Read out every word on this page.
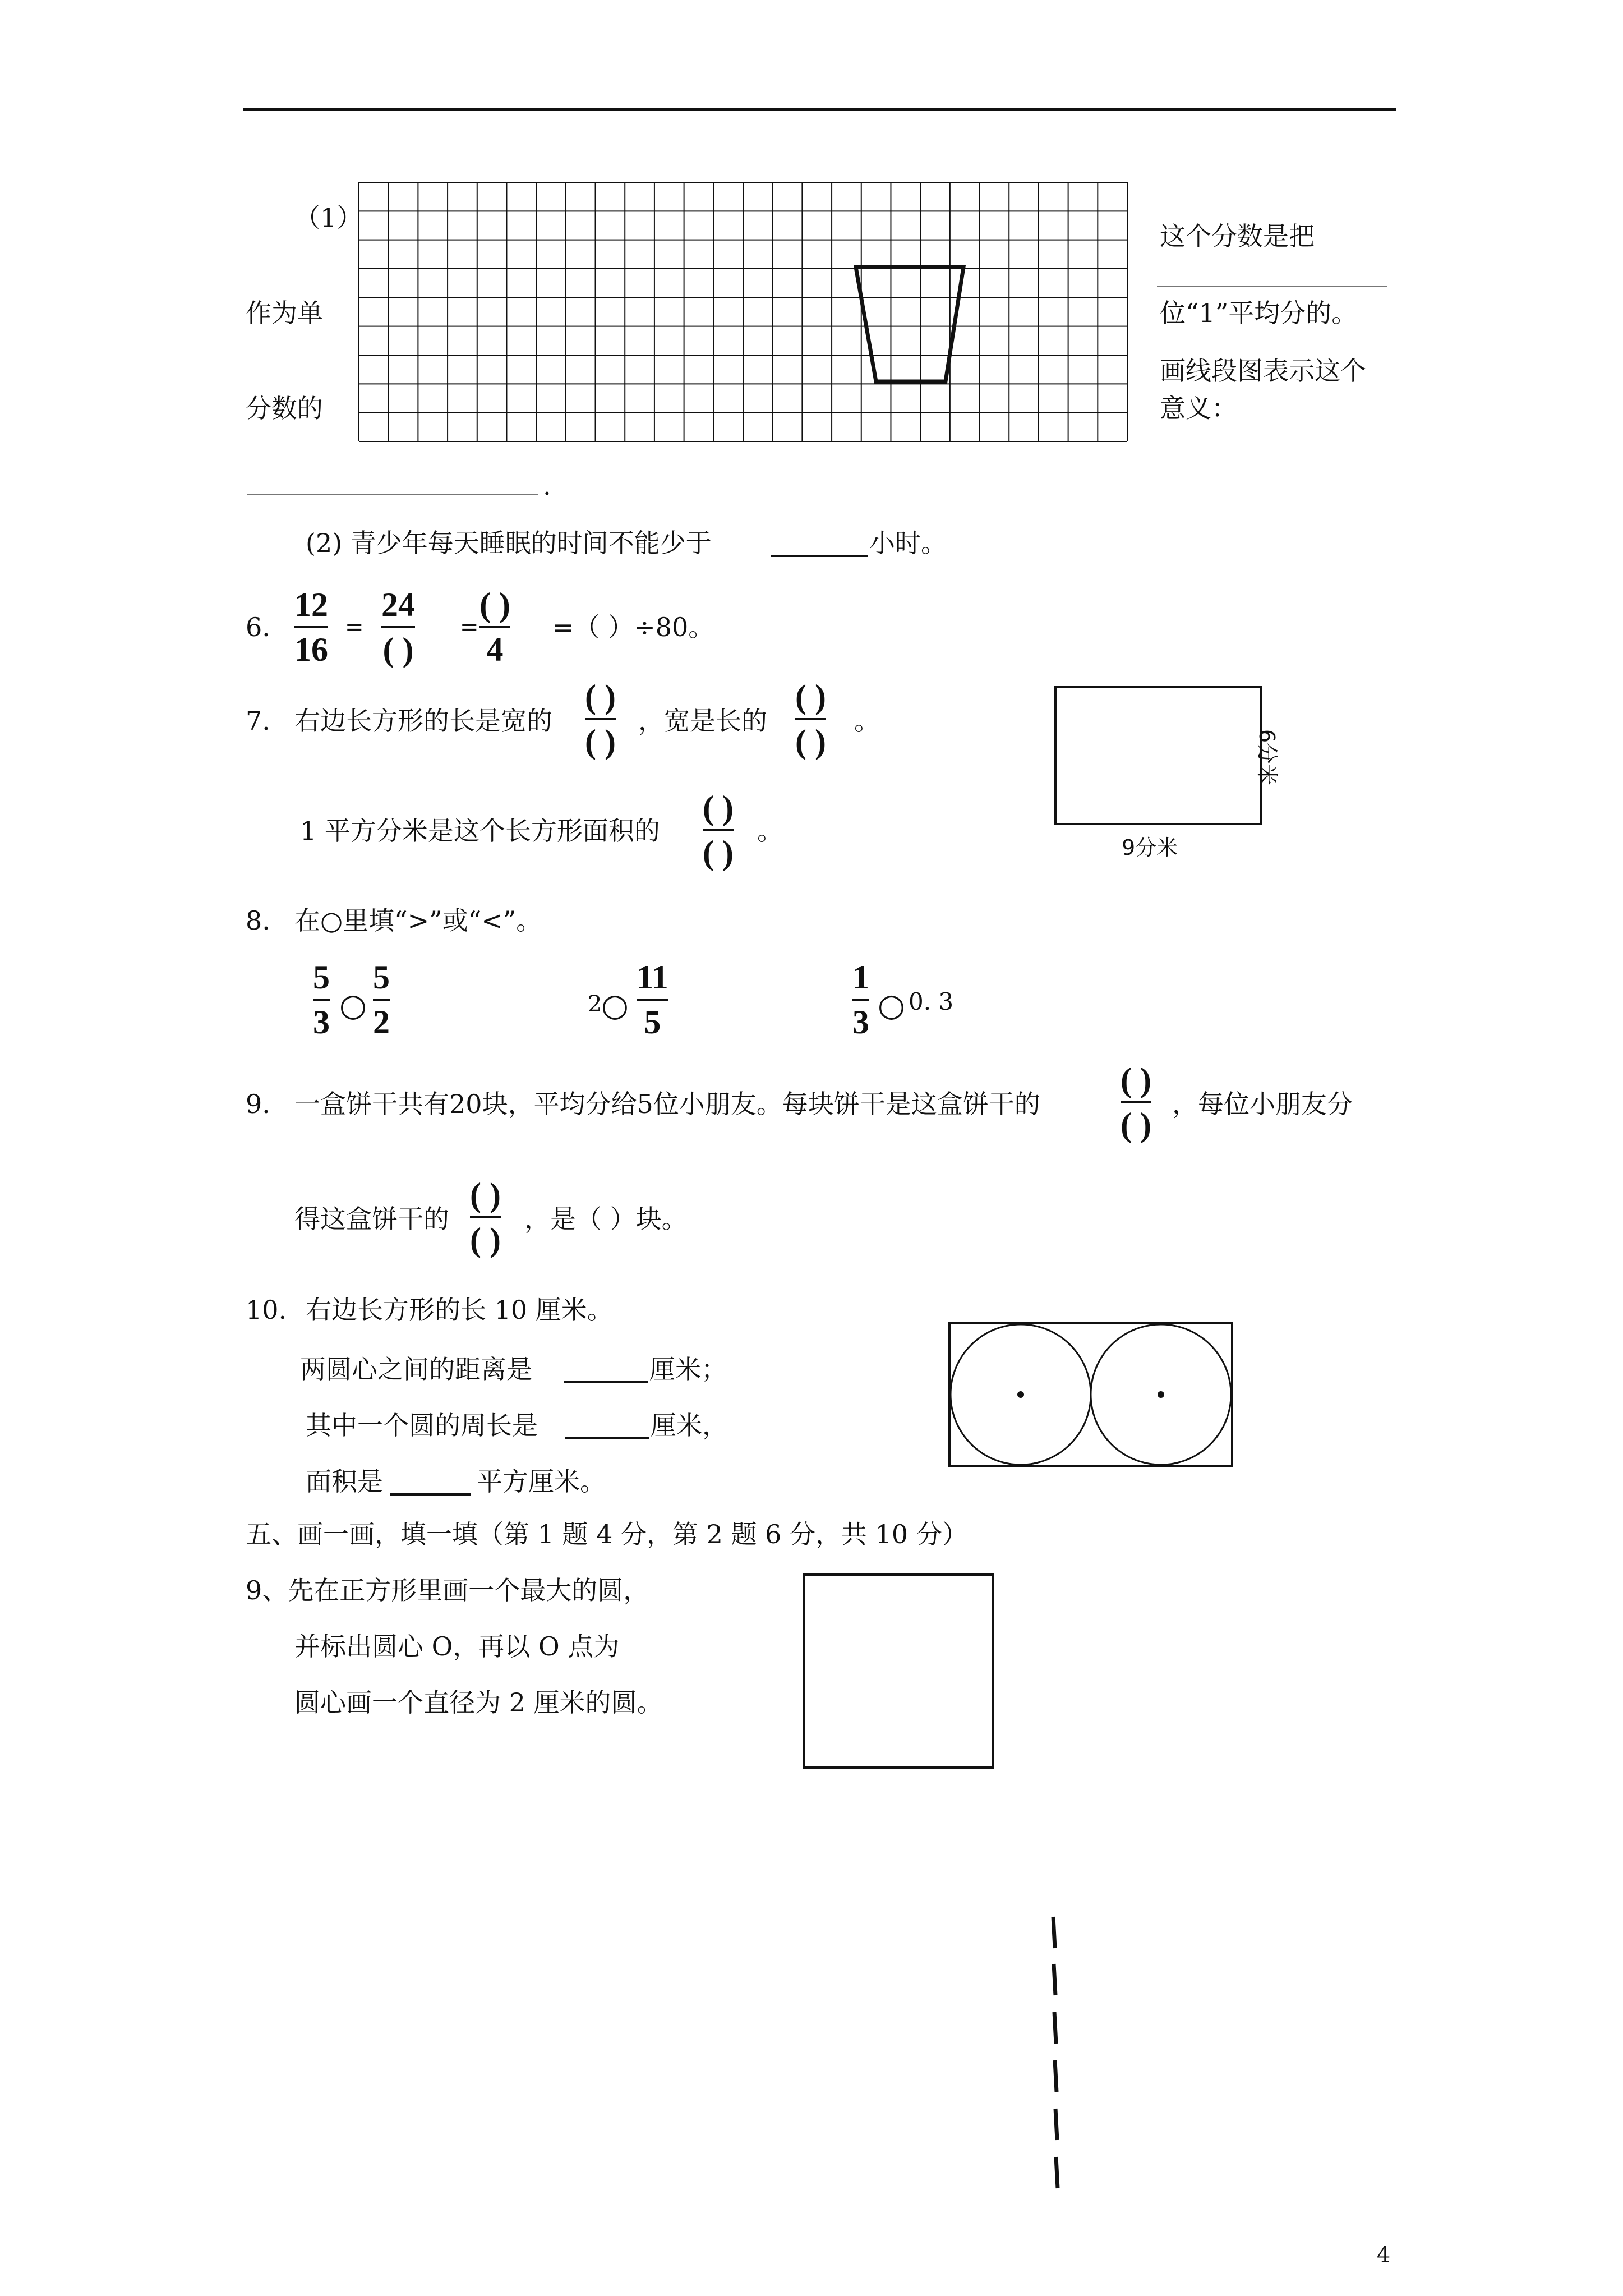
（1）
作为单
分数的
这个分数是把
位“1”平均分的。
画线段图表示这个
意义：
.
(2) 青少年每天睡眠的时间不能少于	小时。
6.
12
16
=
24
( )
=
( )
4
=（ ）÷80。
7. 右边长方形的长是宽的
( )
( )
，宽是长的
( )
( )
。
1 平方分米是这个长方形面积的
( )
( )
。
9分米
6分米
8. 在○里填“>”或“<”。
5
3 ○
5
2	2
○
11
5
1
3 ○ 0. 3
9. 一盒饼干共有20块，平均分给5位小朋友。每块饼干是这盒饼干的
( )
( )
，每位小朋友分
得这盒饼干的
( )
( )
，是（ ）块。
10. 右边长方形的长 10 厘米。
两圆心之间的距离是	厘米；
其中一个圆的周长是	厘米，
面积是	平方厘米。
五、画一画，填一填（第 1 题 4 分，第 2 题 6 分，共 10 分）
9、先在正方形里画一个最大的圆，
并标出圆心 O，再以 O 点为
圆心画一个直径为 2 厘米的圆。
4
